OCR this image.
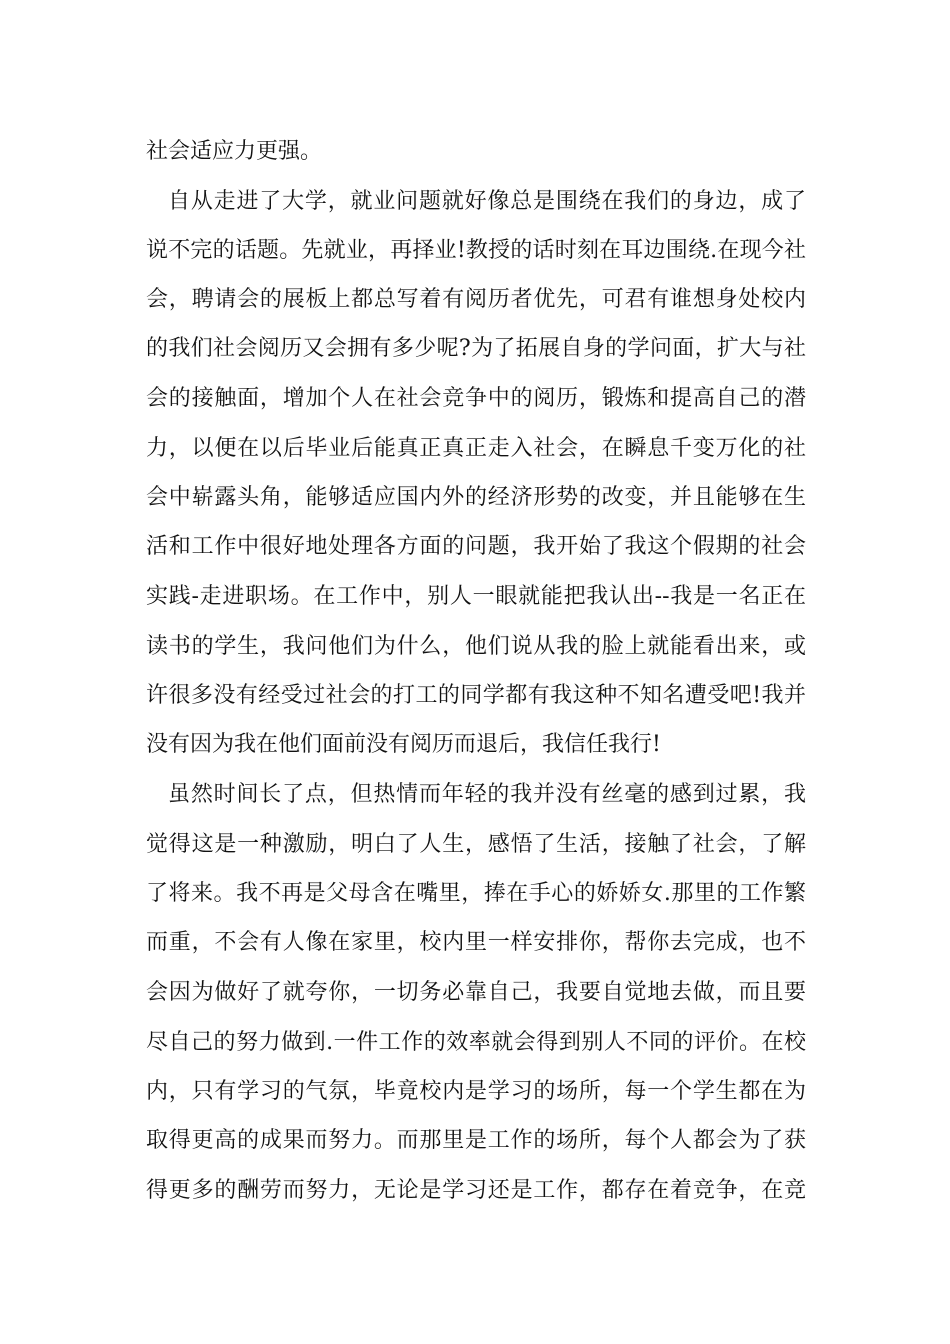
社会适应力更强。

自从走进了大学，就业问题就好像总是围绕在我们的身边，成了

说不完的话题。先就业，再择业!教授的话时刻在耳边围绕.在现今社

会，聘请会的展板上都总写着有阅历者优先，可君有谁想身处校内

的我们社会阅历又会拥有多少呢?为了拓展自身的学问面，扩大与社

会的接触面，增加个人在社会竞争中的阅历，锻炼和提高自己的潜

力，以便在以后毕业后能真正真正走入社会，在瞬息千变万化的社

会中崭露头角，能够适应国内外的经济形势的改变，并且能够在生

活和工作中很好地处理各方面的问题，我开始了我这个假期的社会

实践-走进职场。在工作中，别人一眼就能把我认出--我是一名正在

读书的学生，我问他们为什么，他们说从我的脸上就能看出来，或

许很多没有经受过社会的打工的同学都有我这种不知名遭受吧!我并

没有因为我在他们面前没有阅历而退后，我信任我行!

虽然时间长了点，但热情而年轻的我并没有丝毫的感到过累，我

觉得这是一种激励，明白了人生，感悟了生活，接触了社会，了解

了将来。我不再是父母含在嘴里，捧在手心的娇娇女.那里的工作繁

而重，不会有人像在家里，校内里一样安排你，帮你去完成，也不

会因为做好了就夸你，一切务必靠自己，我要自觉地去做，而且要

尽自己的努力做到.一件工作的效率就会得到别人不同的评价。在校

内，只有学习的气氛，毕竟校内是学习的场所，每一个学生都在为

取得更高的成果而努力。而那里是工作的场所，每个人都会为了获

得更多的酬劳而努力，无论是学习还是工作，都存在着竞争，在竞
